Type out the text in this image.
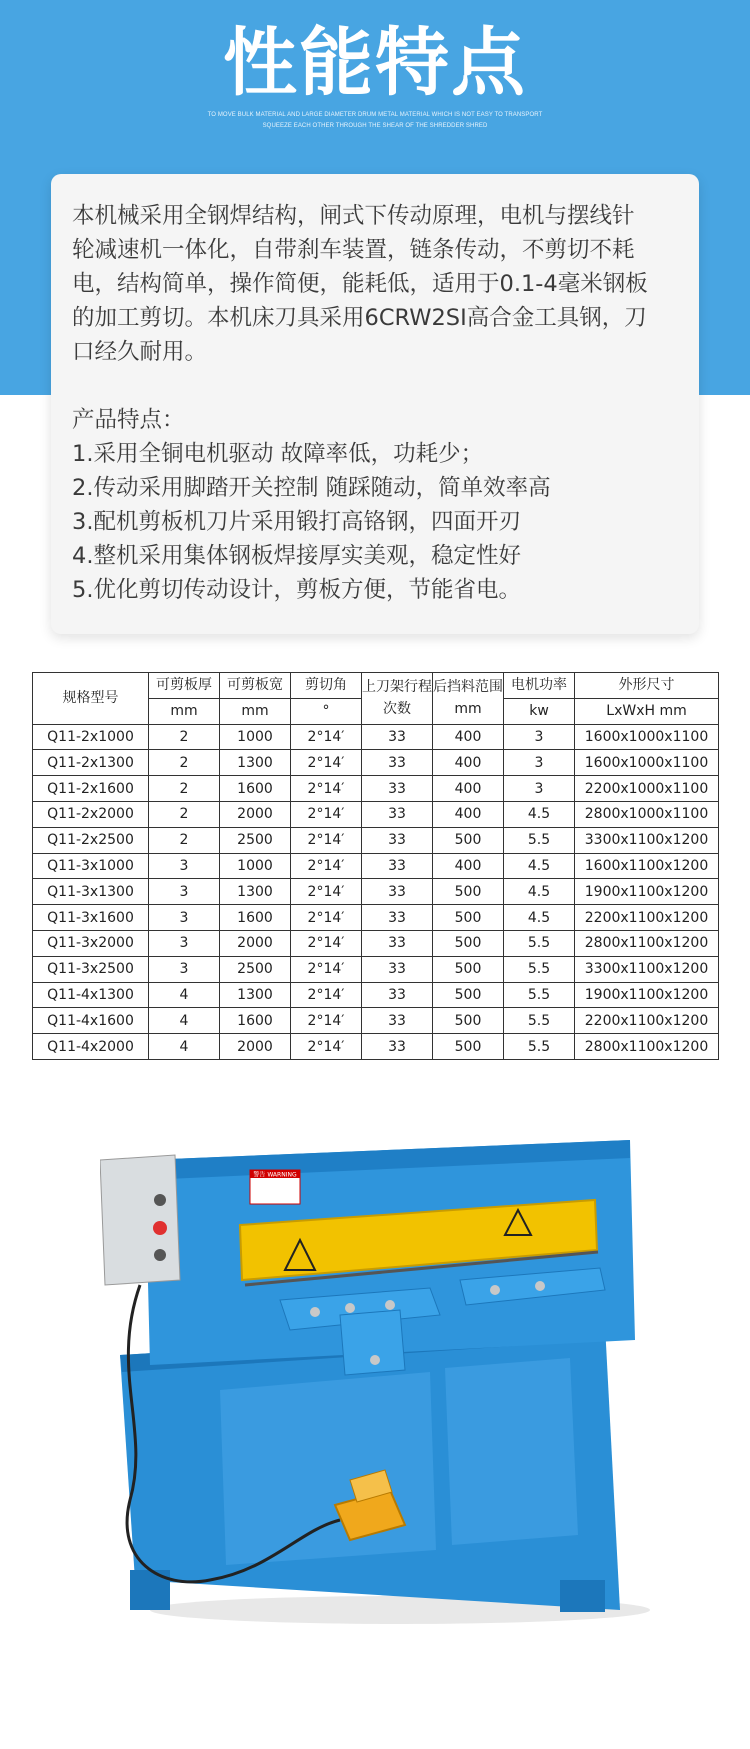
性能特点
TO MOVE BULK MATERIAL AND LARGE DIAMETER DRUM METAL MATERIAL WHICH IS NOT EASY TO TRANSPORT
SQUEEZE EACH OTHER THROUGH THE SHEAR OF THE SHREDDER SHRED

本机械采用全钢焊结构，闸式下传动原理，电机与摆线针

轮减速机一体化，自带刹车装置，链条传动，不剪切不耗

电，结构简单，操作简便，能耗低，适用于0.1-4毫米钢板

的加工剪切。本机床刀具采用6CRW2SI高合金工具钢，刀

口经久耐用。

产品特点：

1.采用全铜电机驱动 故障率低，功耗少；

2.传动采用脚踏开关控制 随踩随动，简单效率高

3.配机剪板机刀片采用锻打高铬钢，四面开刃

4.整机采用集体钢板焊接厚实美观，稳定性好

5.优化剪切传动设计，剪板方便，节能省电。

规格型号	可剪板厚	可剪板宽	剪切角	上刀架行程次数	后挡料范围mm	电机功率	外形尺寸
	mm	mm	°			kw	LxWxH mm
Q11-2x1000	2	1000	2°14′	33	400	3	1600x1000x1100
Q11-2x1300	2	1300	2°14′	33	400	3	1600x1000x1100
Q11-2x1600	2	1600	2°14′	33	400	3	2200x1000x1100
Q11-2x2000	2	2000	2°14′	33	400	4.5	2800x1000x1100
Q11-2x2500	2	2500	2°14′	33	500	5.5	3300x1100x1200
Q11-3x1000	3	1000	2°14′	33	400	4.5	1600x1100x1200
Q11-3x1300	3	1300	2°14′	33	500	4.5	1900x1100x1200
Q11-3x1600	3	1600	2°14′	33	500	4.5	2200x1100x1200
Q11-3x2000	3	2000	2°14′	33	500	5.5	2800x1100x1200
Q11-3x2500	3	2500	2°14′	33	500	5.5	3300x1100x1200
Q11-4x1300	4	1300	2°14′	33	500	5.5	1900x1100x1200
Q11-4x1600	4	1600	2°14′	33	500	5.5	2200x1100x1200
Q11-4x2000	4	2000	2°14′	33	500	5.5	2800x1100x1200
警告 WARNING
